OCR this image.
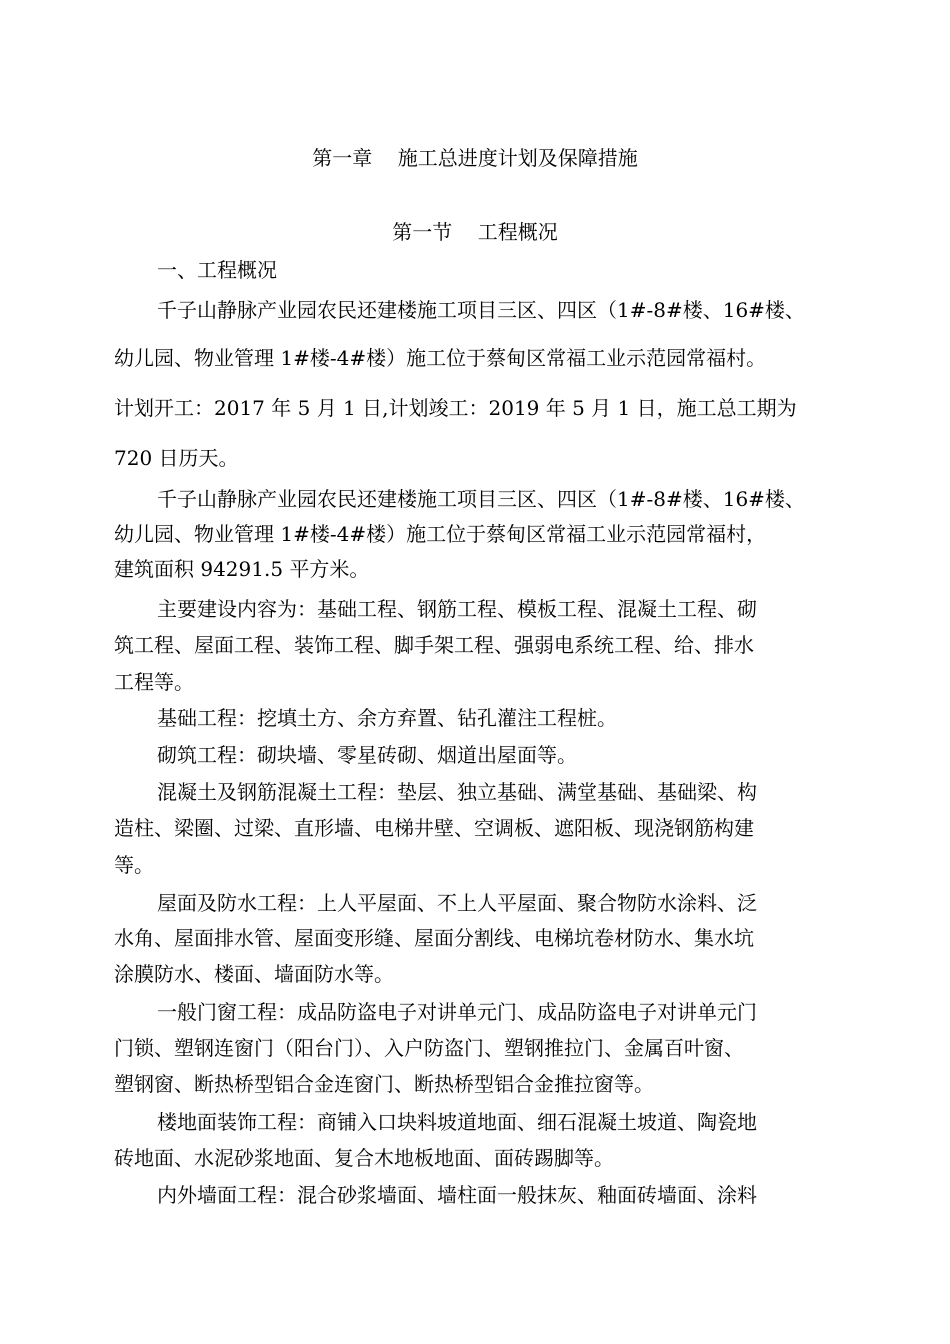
第一章    施工总进度计划及保障措施
第一节    工程概况
一、工程概况
千子山静脉产业园农民还建楼施工项目三区、四区（1#-8#楼、16#楼、
幼儿园、物业管理 1#楼-4#楼）施工位于蔡甸区常福工业示范园常福村。
计划开工：2017 年 5 月 1 日,计划竣工：2019 年 5 月 1 日，施工总工期为
720 日历天。
千子山静脉产业园农民还建楼施工项目三区、四区（1#-8#楼、16#楼、
幼儿园、物业管理 1#楼-4#楼）施工位于蔡甸区常福工业示范园常福村，
建筑面积 94291.5 平方米。
主要建设内容为：基础工程、钢筋工程、模板工程、混凝土工程、砌
筑工程、屋面工程、装饰工程、脚手架工程、强弱电系统工程、给、排水
工程等。
基础工程：挖填土方、余方弃置、钻孔灌注工程桩。
砌筑工程：砌块墙、零星砖砌、烟道出屋面等。
混凝土及钢筋混凝土工程：垫层、独立基础、满堂基础、基础梁、构
造柱、梁圈、过梁、直形墙、电梯井壁、空调板、遮阳板、现浇钢筋构建
等。
屋面及防水工程：上人平屋面、不上人平屋面、聚合物防水涂料、泛
水角、屋面排水管、屋面变形缝、屋面分割线、电梯坑卷材防水、集水坑
涂膜防水、楼面、墙面防水等。
一般门窗工程：成品防盗电子对讲单元门、成品防盗电子对讲单元门
门锁、塑钢连窗门（阳台门）、入户防盗门、塑钢推拉门、金属百叶窗、
塑钢窗、断热桥型铝合金连窗门、断热桥型铝合金推拉窗等。
楼地面装饰工程：商铺入口块料坡道地面、细石混凝土坡道、陶瓷地
砖地面、水泥砂浆地面、复合木地板地面、面砖踢脚等。
内外墙面工程：混合砂浆墙面、墙柱面一般抹灰、釉面砖墙面、涂料
